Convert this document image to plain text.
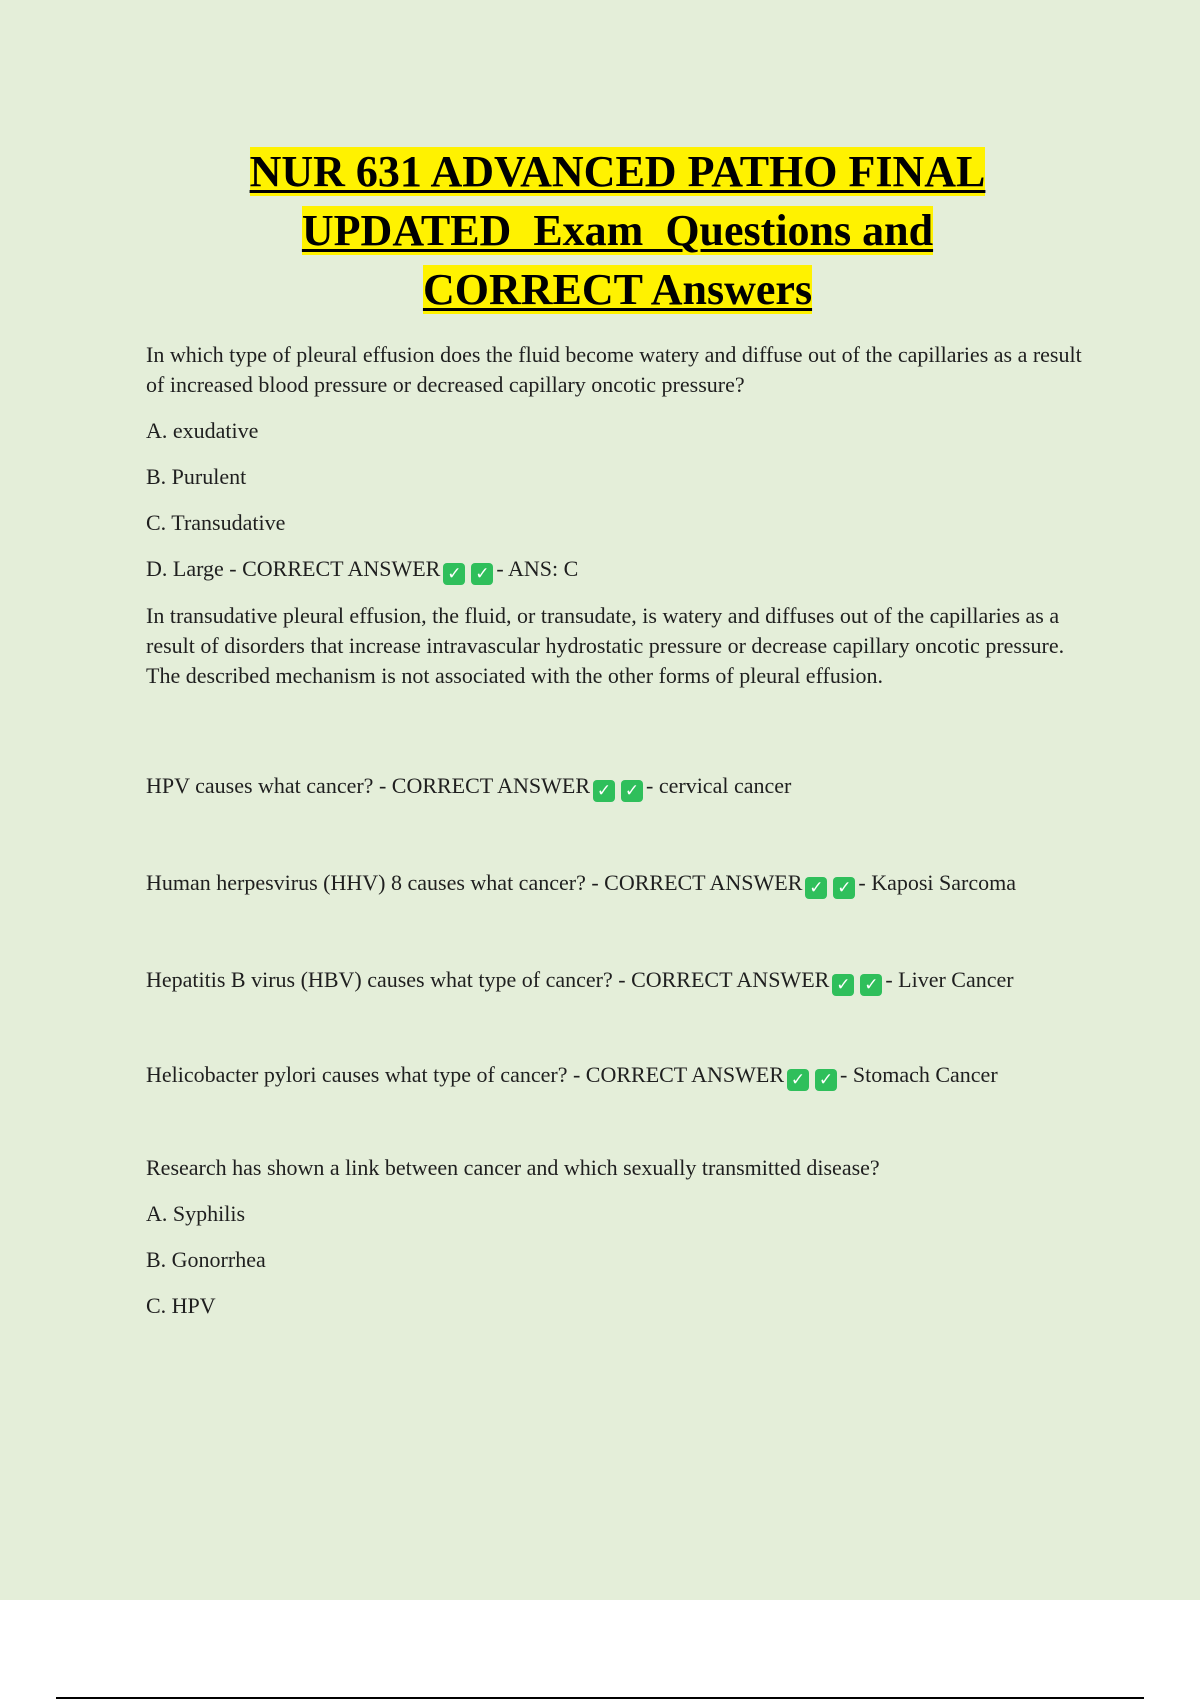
NUR 631 ADVANCED PATHO FINAL
UPDATED  Exam  Questions and
CORRECT Answers

In which type of pleural effusion does the fluid become watery and diffuse out of the capillaries as a result of increased blood pressure or decreased capillary oncotic pressure?

A. exudative

B. Purulent

C. Transudative

D. Large - CORRECT ANSWER ✓ ✓ - ANS: C

In transudative pleural effusion, the fluid, or transudate, is watery and diffuses out of the capillaries as a result of disorders that increase intravascular hydrostatic pressure or decrease capillary oncotic pressure. The described mechanism is not associated with the other forms of pleural effusion.

HPV causes what cancer? - CORRECT ANSWER ✓ ✓ - cervical cancer

Human herpesvirus (HHV) 8 causes what cancer? - CORRECT ANSWER ✓ ✓ - Kaposi Sarcoma

Hepatitis B virus (HBV) causes what type of cancer? - CORRECT ANSWER ✓ ✓ - Liver Cancer

Helicobacter pylori causes what type of cancer? - CORRECT ANSWER ✓ ✓ - Stomach Cancer

Research has shown a link between cancer and which sexually transmitted disease?

A. Syphilis

B. Gonorrhea

C. HPV
